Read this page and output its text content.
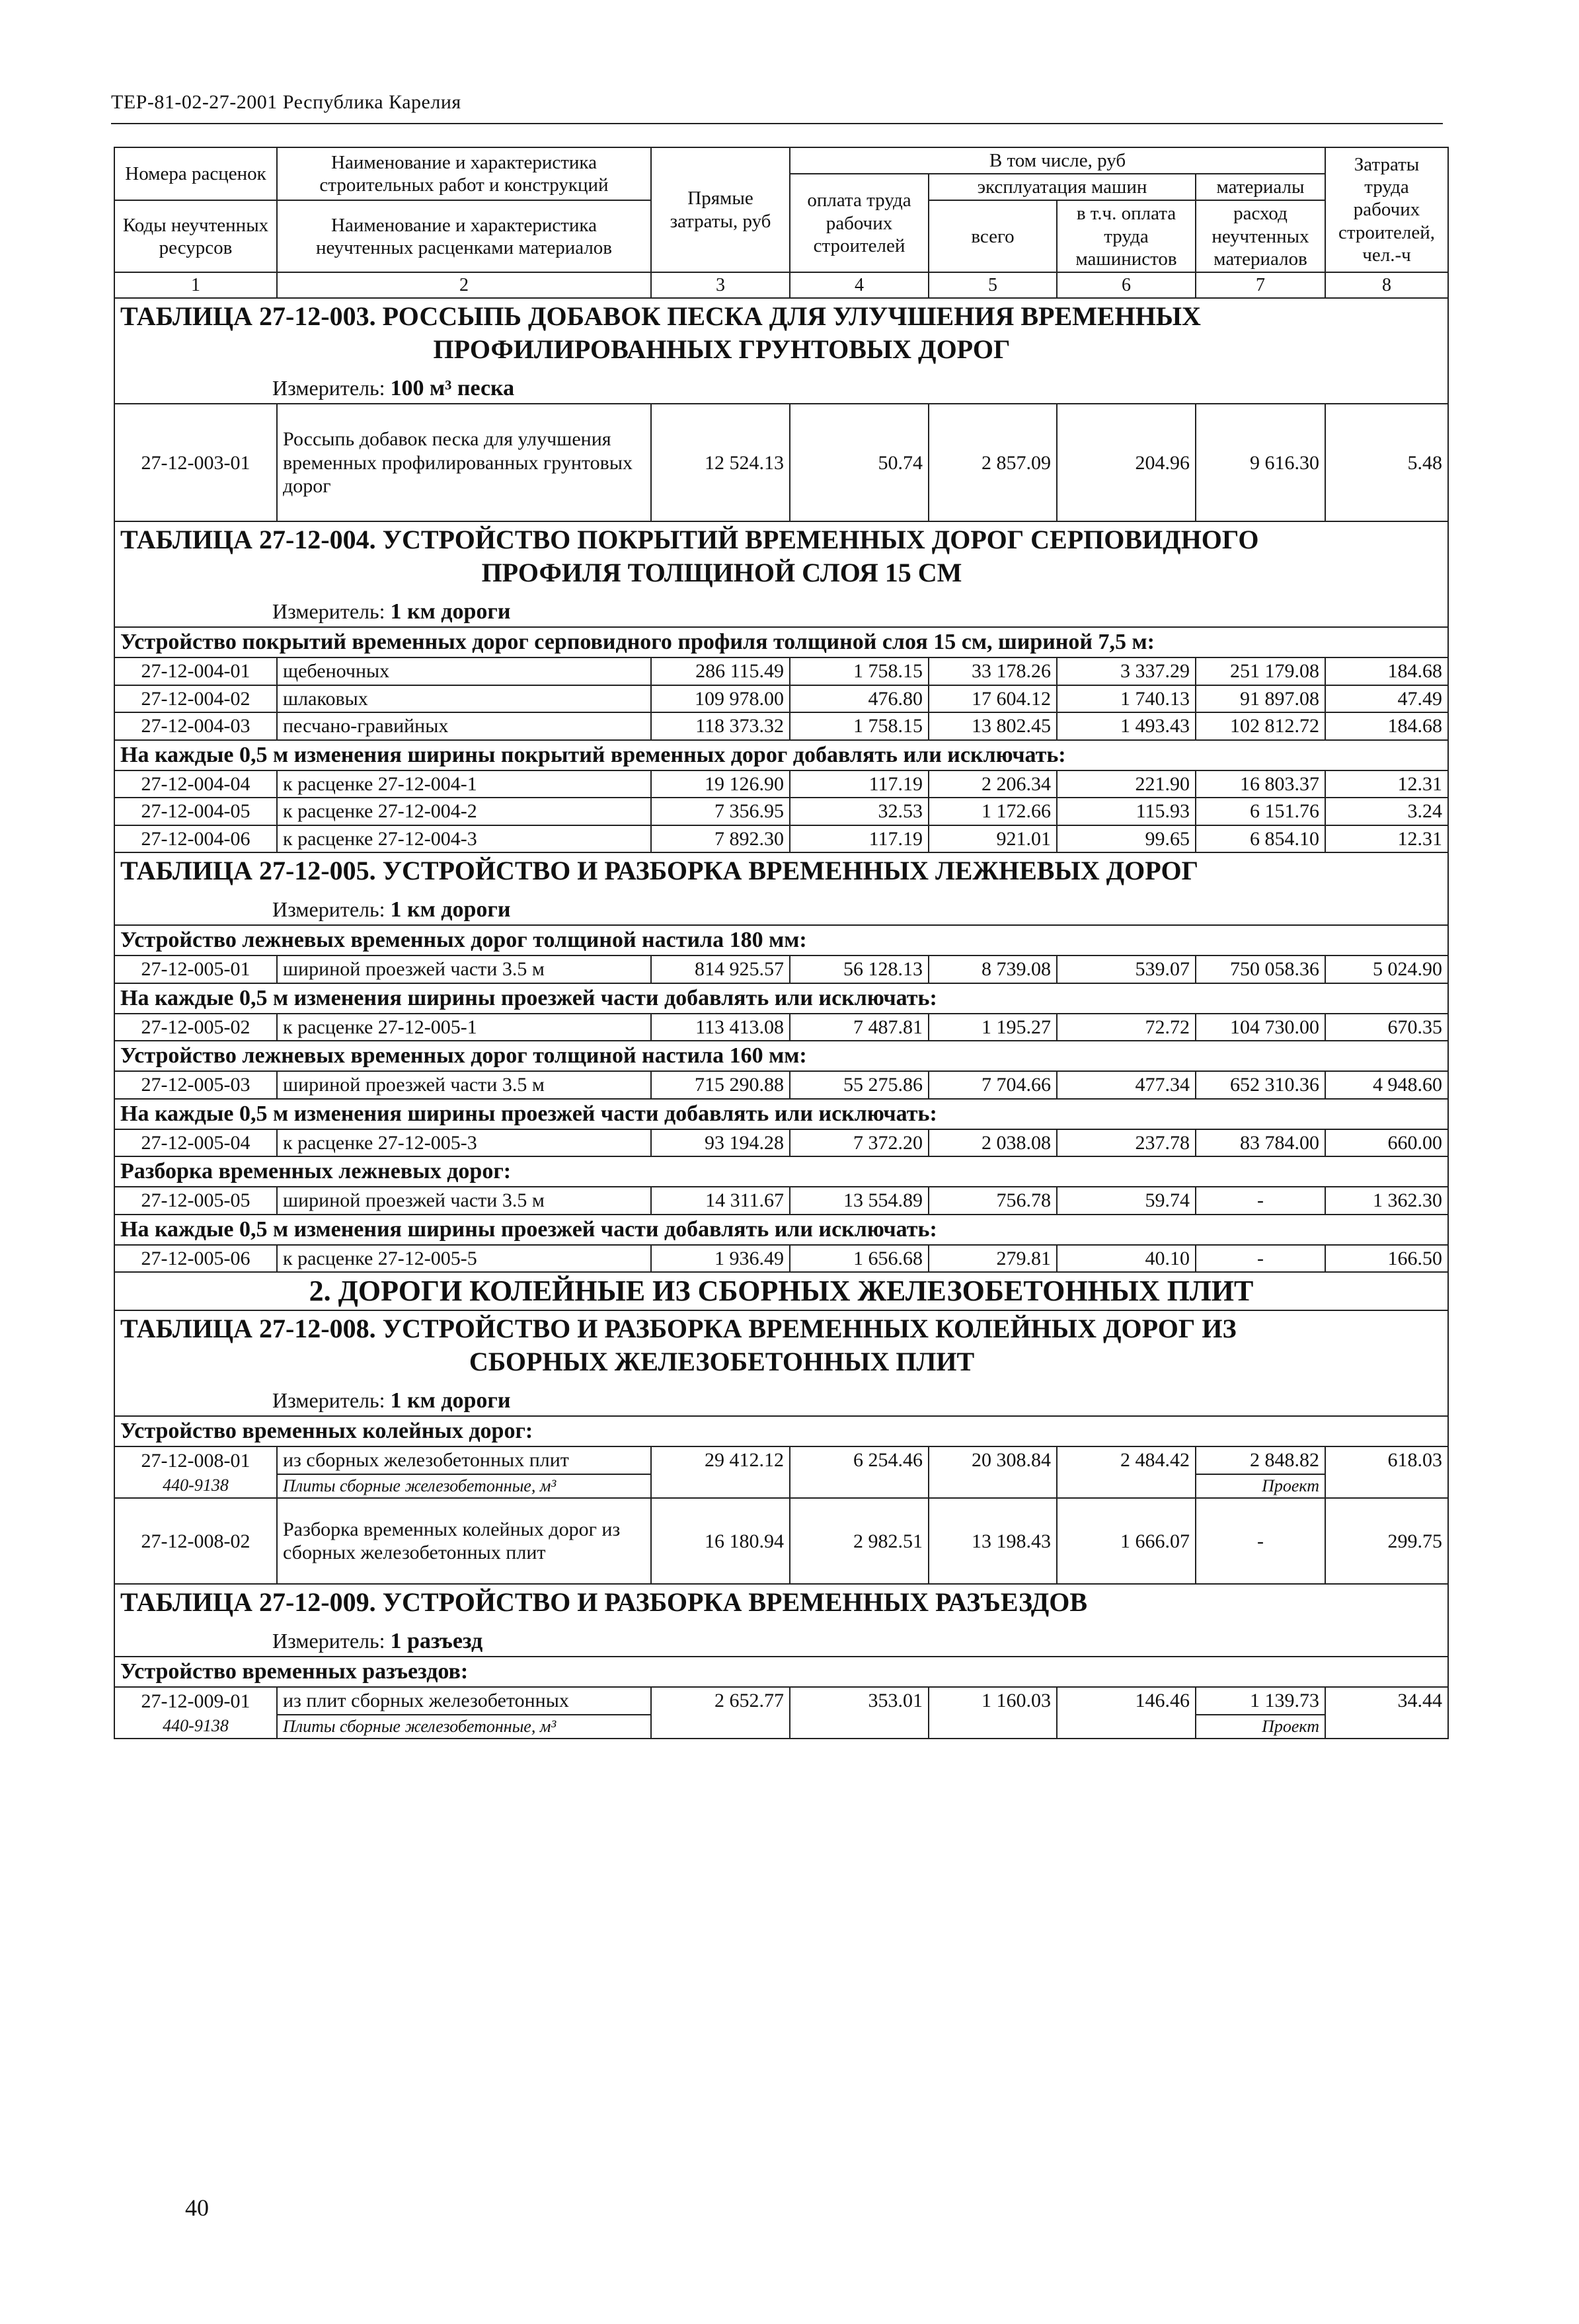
ТЕР-81-02-27-2001 Республика Карелия
Номера расценок	Наименование и характеристика строительных работ и конструкций	Прямые затраты, руб	В том числе, руб				Затраты труда рабочих строителей, чел.-ч
			оплата труда рабочих строителей	эксплуатация машин		материалы	
Коды неучтенных ресурсов	Наименование и характеристика неучтенных расценками материалов			всего	в т.ч. оплата труда машинистов	расход неучтенных материалов	

1	2	3	4	5	6	7	8

ТАБЛИЦА 27-12-003. РОССЫПЬ ДОБАВОК ПЕСКА ДЛЯ УЛУЧШЕНИЯ ВРЕМЕННЫХ
ПРОФИЛИРОВАННЫХ ГРУНТОВЫХ ДОРОГ
Измеритель: 100 м³ песка							

27-12-003-01	Россыпь добавок песка для улучшения временных профилированных грунтовых дорог	12 524.13	50.74	2 857.09	204.96	9 616.30	5.48

ТАБЛИЦА 27-12-004. УСТРОЙСТВО ПОКРЫТИЙ ВРЕМЕННЫХ ДОРОГ СЕРПОВИДНОГО
ПРОФИЛЯ ТОЛЩИНОЙ СЛОЯ 15 СМ
Измеритель: 1 км дороги							

Устройство покрытий временных дорог серповидного профиля толщиной слоя 15 см, шириной 7,5 м:							
27-12-004-01	щебеночных	286 115.49	1 758.15	33 178.26	3 337.29	251 179.08	184.68
27-12-004-02	шлаковых	109 978.00	476.80	17 604.12	1 740.13	91 897.08	47.49
27-12-004-03	песчано-гравийных	118 373.32	1 758.15	13 802.45	1 493.43	102 812.72	184.68
На каждые 0,5 м изменения ширины покрытий временных дорог добавлять или исключать:							
27-12-004-04	к расценке 27-12-004-1	19 126.90	117.19	2 206.34	221.90	16 803.37	12.31
27-12-004-05	к расценке 27-12-004-2	7 356.95	32.53	1 172.66	115.93	6 151.76	3.24
27-12-004-06	к расценке 27-12-004-3	7 892.30	117.19	921.01	99.65	6 854.10	12.31

ТАБЛИЦА 27-12-005. УСТРОЙСТВО И РАЗБОРКА ВРЕМЕННЫХ ЛЕЖНЕВЫХ ДОРОГ
Измеритель: 1 км дороги							

Устройство лежневых временных дорог толщиной настила 180 мм:							
27-12-005-01	шириной проезжей части 3.5 м	814 925.57	56 128.13	8 739.08	539.07	750 058.36	5 024.90
На каждые 0,5 м изменения ширины проезжей части добавлять или исключать:							
27-12-005-02	к расценке 27-12-005-1	113 413.08	7 487.81	1 195.27	72.72	104 730.00	670.35
Устройство лежневых временных дорог толщиной настила 160 мм:							
27-12-005-03	шириной проезжей части 3.5 м	715 290.88	55 275.86	7 704.66	477.34	652 310.36	4 948.60
На каждые 0,5 м изменения ширины проезжей части добавлять или исключать:							
27-12-005-04	к расценке 27-12-005-3	93 194.28	7 372.20	2 038.08	237.78	83 784.00	660.00
Разборка временных лежневых дорог:							
27-12-005-05	шириной проезжей части 3.5 м	14 311.67	13 554.89	756.78	59.74	-	1 362.30
На каждые 0,5 м изменения ширины проезжей части добавлять или исключать:							
27-12-005-06	к расценке 27-12-005-5	1 936.49	1 656.68	279.81	40.10	-	166.50
2. ДОРОГИ КОЛЕЙНЫЕ ИЗ СБОРНЫХ ЖЕЛЕЗОБЕТОННЫХ ПЛИТ							

ТАБЛИЦА 27-12-008. УСТРОЙСТВО И РАЗБОРКА ВРЕМЕННЫХ КОЛЕЙНЫХ ДОРОГ ИЗ
СБОРНЫХ ЖЕЛЕЗОБЕТОННЫХ ПЛИТ
Измеритель: 1 км дороги							

Устройство временных колейных дорог:							
27-12-008-01	из сборных железобетонных плит	29 412.12	6 254.46	20 308.84	2 484.42	2 848.82	618.03
440-9138	Плиты сборные железобетонные, м³					Проект	
27-12-008-02	Разборка временных колейных дорог из сборных железобетонных плит	16 180.94	2 982.51	13 198.43	1 666.07	-	299.75

ТАБЛИЦА 27-12-009. УСТРОЙСТВО И РАЗБОРКА ВРЕМЕННЫХ РАЗЪЕЗДОВ
Измеритель: 1 разъезд							

Устройство временных разъездов:							
27-12-009-01	из плит сборных железобетонных	2 652.77	353.01	1 160.03	146.46	1 139.73	34.44
440-9138	Плиты сборные железобетонные, м³					Проект	
40
